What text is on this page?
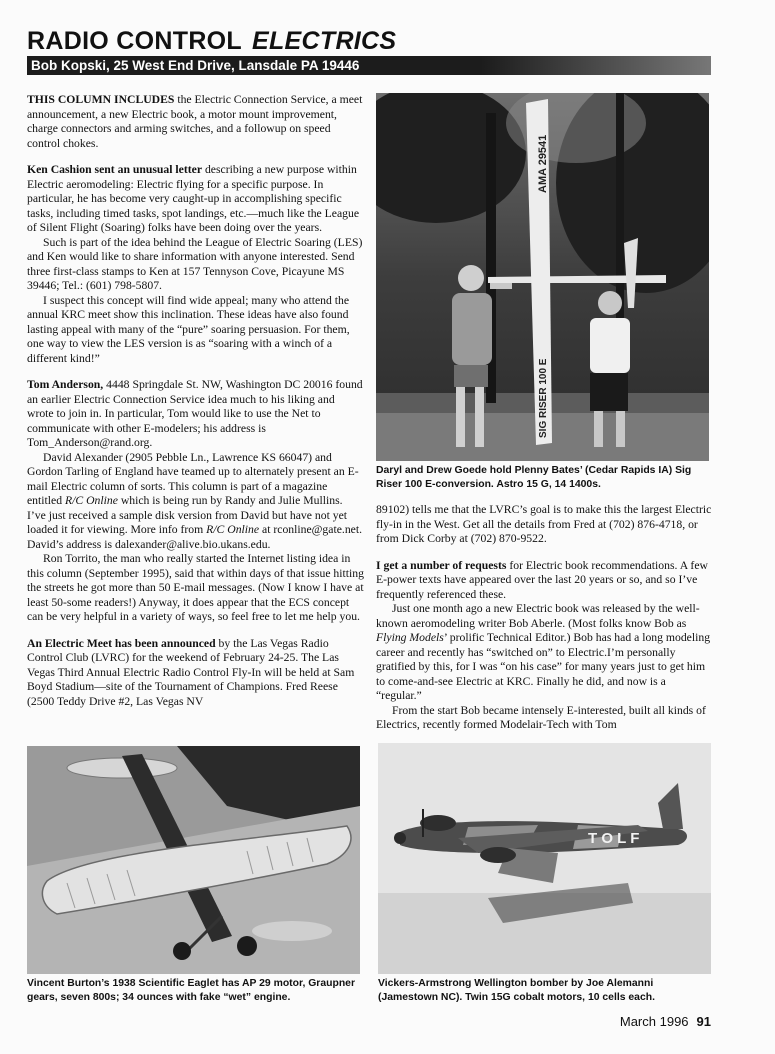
RADIO CONTROL ELECTRICS
Bob Kopski, 25 West End Drive, Lansdale PA 19446

THIS COLUMN INCLUDES the Electric Connection Service, a meet announcement, a new Electric book, a motor mount improvement, charge connectors and arming switches, and a followup on speed control chokes.

Ken Cashion sent an unusual letter describing a new purpose within Electric aeromodeling: Electric flying for a specific purpose. In particular, he has become very caught-up in accomplishing specific tasks, including timed tasks, spot landings, etc.—much like the League of Silent Flight (Soaring) folks have been doing over the years.

Such is part of the idea behind the League of Electric Soaring (LES) and Ken would like to share information with anyone interested. Send three first-class stamps to Ken at 157 Tennyson Cove, Picayune MS 39446; Tel.: (601) 798-5807.

I suspect this concept will find wide appeal; many who attend the annual KRC meet show this inclination. These ideas have also found lasting appeal with many of the “pure” soaring persuasion. For them, one way to view the LES version is as “soaring with a winch of a different kind!”

Tom Anderson, 4448 Springdale St. NW, Washington DC 20016 found an earlier Electric Connection Service idea much to his liking and wrote to join in. In particular, Tom would like to use the Net to communicate with other E-modelers; his address is Tom_Anderson@rand.org.

David Alexander (2905 Pebble Ln., Lawrence KS 66047) and Gordon Tarling of England have teamed up to alternately present an E-mail Electric column of sorts. This column is part of a magazine entitled R/C Online which is being run by Randy and Julie Mullins. I’ve just received a sample disk version from David but have not yet loaded it for viewing. More info from R/C Online at rconline@gate.net. David’s address is dalexander@alive.bio.ukans.edu.

Ron Torrito, the man who really started the Internet listing idea in this column (September 1995), said that within days of that issue hitting the streets he got more than 50 E-mail messages. (Now I know I have at least 50-some readers!) Anyway, it does appear that the ECS concept can be very helpful in a variety of ways, so feel free to let me help you.

An Electric Meet has been announced by the Las Vegas Radio Control Club (LVRC) for the weekend of February 24-25. The Las Vegas Third Annual Electric Radio Control Fly-In will be held at Sam Boyd Stadium—site of the Tournament of Champions. Fred Reese (2500 Teddy Drive #2, Las Vegas NV

AMA 29541
SIG RISER 100 E

Daryl and Drew Goede hold Plenny Bates’ (Cedar Rapids IA) Sig Riser 100 E-conversion. Astro 15 G, 14 1400s.

89102) tells me that the LVRC’s goal is to make this the largest Electric fly-in in the West. Get all the details from Fred at (702) 876-4718, or from Dick Corby at (702) 870-9522.

I get a number of requests for Electric book recommendations. A few E-power texts have appeared over the last 20 years or so, and so I’ve frequently referenced these.

Just one month ago a new Electric book was released by the well-known aeromodeling writer Bob Aberle. (Most folks know Bob as Flying Models’ prolific Technical Editor.) Bob has had a long modeling career and recently has “switched on” to Electric.I’m personally gratified by this, for I was “on his case” for many years just to get him to come-and-see Electric at KRC. Finally he did, and now is a “regular.”

From the start Bob became intensely E-interested, built all kinds of Electrics, recently formed Modelair-Tech with Tom

Vincent Burton’s 1938 Scientific Eaglet has AP 29 motor, Graupner gears, seven 800s; 34 ounces with fake “wet” engine.

T O L F

Vickers-Armstrong Wellington bomber by Joe Alemanni (Jamestown NC). Twin 15G cobalt motors, 10 cells each.

March 1996 91
